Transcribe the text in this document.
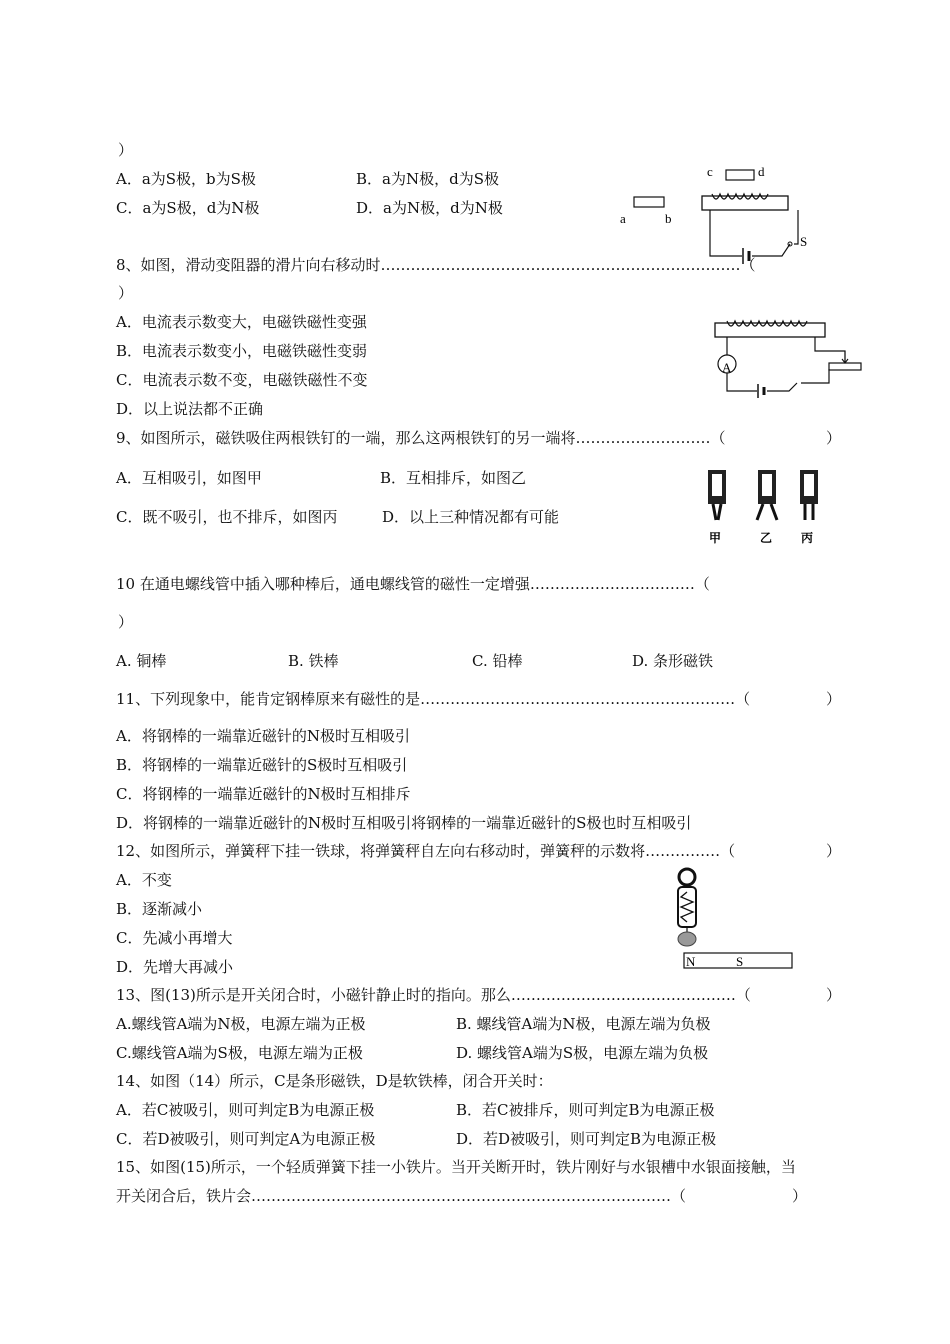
）
A．a为S极，b为S极	B．a为N极，d为S极
C．a为S极，d为N极	D．a为N极，d为N极
c	d
a	b
S
8、如图，滑动变阻器的滑片向右移动时………………………………………………………………（
）
A．电流表示数变大，电磁铁磁性变强
B．电流表示数变小，电磁铁磁性变弱
C．电流表示数不变，电磁铁磁性不变
D．以上说法都不正确
A
9、如图所示，磁铁吸住两根铁钉的一端，那么这两根铁钉的另一端将………………………（	）
A．互相吸引，如图甲	B．互相排斥，如图乙
C．既不吸引，也不排斥，如图丙	D．以上三种情况都有可能
甲	乙 丙
10 在通电螺线管中插入哪种棒后，通电螺线管的磁性一定增强……………………………（
）
A. 铜棒	B. 铁棒	C. 铅棒	D. 条形磁铁
11、下列现象中，能肯定钢棒原来有磁性的是………………………………………………………（	）
A．将钢棒的一端靠近磁针的N极时互相吸引
B．将钢棒的一端靠近磁针的S极时互相吸引
C．将钢棒的一端靠近磁针的N极时互相排斥
D．将钢棒的一端靠近磁针的N极时互相吸引将钢棒的一端靠近磁针的S极也时互相吸引
12、如图所示，弹簧秤下挂一铁球，将弹簧秤自左向右移动时，弹簧秤的示数将……………（	）
A．不变
B．逐渐减小
C．先减小再增大
D．先增大再减小	N	S
13、图(13)所示是开关闭合时，小磁针静止时的指向。那么………………………………………（	）
A.螺线管A端为N极，电源左端为正极	B. 螺线管A端为N极，电源左端为负极
C.螺线管A端为S极，电源左端为正极	D. 螺线管A端为S极，电源左端为负极
14、如图（14）所示，C是条形磁铁，D是软铁棒，闭合开关时：
A．若C被吸引，则可判定B为电源正极	B．若C被排斥，则可判定B为电源正极
C．若D被吸引，则可判定A为电源正极	D．若D被吸引，则可判定B为电源正极
15、如图(15)所示，一个轻质弹簧下挂一小铁片。当开关断开时，铁片刚好与水银槽中水银面接触，当
开关闭合后，铁片会…………………………………………………………………………（	）
